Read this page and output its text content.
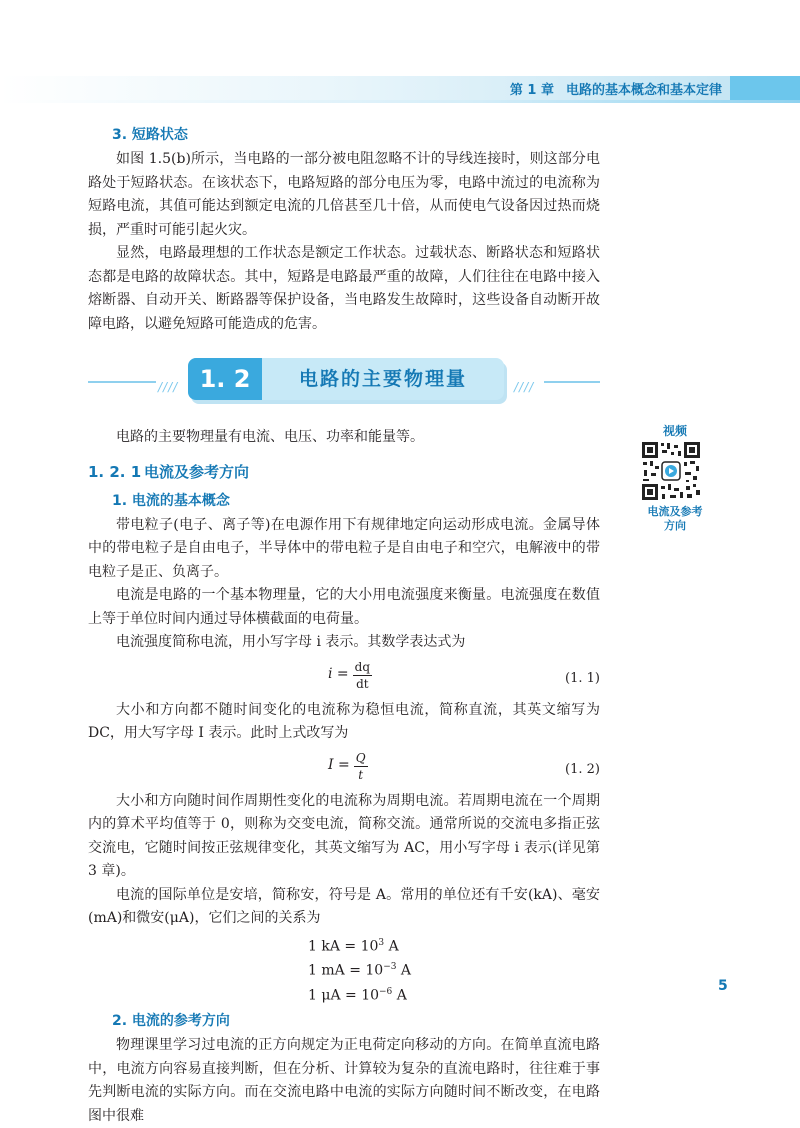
第 1 章 电路的基本概念和基本定律
3. 短路状态

如图 1.5(b)所示，当电路的一部分被电阻忽略不计的导线连接时，则这部分电路处于短路状态。在该状态下，电路短路的部分电压为零，电路中流过的电流称为短路电流，其值可能达到额定电流的几倍甚至几十倍，从而使电气设备因过热而烧损，严重时可能引起火灾。

显然，电路最理想的工作状态是额定工作状态。过载状态、断路状态和短路状态都是电路的故障状态。其中，短路是电路最严重的故障，人们往往在电路中接入熔断器、自动开关、断路器等保护设备，当电路发生故障时，这些设备自动断开故障电路，以避免短路可能造成的危害。

//// 1. 2	电路的主要物理量	////

电路的主要物理量有电流、电压、功率和能量等。

1. 2. 1 电流及参考方向
1. 电流的基本概念

带电粒子(电子、离子等)在电源作用下有规律地定向运动形成电流。金属导体中的带电粒子是自由电子，半导体中的带电粒子是自由电子和空穴，电解液中的带电粒子是正、负离子。

电流是电路的一个基本物理量，它的大小用电流强度来衡量。电流强度在数值上等于单位时间内通过导体横截面的电荷量。

电流强度简称电流，用小写字母 i 表示。其数学表达式为

$i = \frac{dq}{dt}$	(1. 1)

大小和方向都不随时间变化的电流称为稳恒电流，简称直流，其英文缩写为 DC，用大写字母 I 表示。此时上式改写为

$I = \frac{Q}{t}$	(1. 2)

大小和方向随时间作周期性变化的电流称为周期电流。若周期电流在一个周期内的算术平均值等于 0，则称为交变电流，简称交流。通常所说的交流电多指正弦交流电，它随时间按正弦规律变化，其英文缩写为 AC，用小写字母 i 表示(详见第 3 章)。

电流的国际单位是安培，简称安，符号是 A。常用的单位还有千安(kA)、毫安(mA)和微安(μA)，它们之间的关系为

1 kA = $10^3$ A
1 mA = $10^{-3}$ A
1 $\mu A = 10^{-6}$ A
2. 电流的参考方向

物理课里学习过电流的正方向规定为正电荷定向移动的方向。在简单直流电路中，电流方向容易直接判断，但在分析、计算较为复杂的直流电路时，往往难于事先判断电流的实际方向。而在交流电路中电流的实际方向随时间不断改变，在电路图中很难

视频
电流及参考
方向
5
